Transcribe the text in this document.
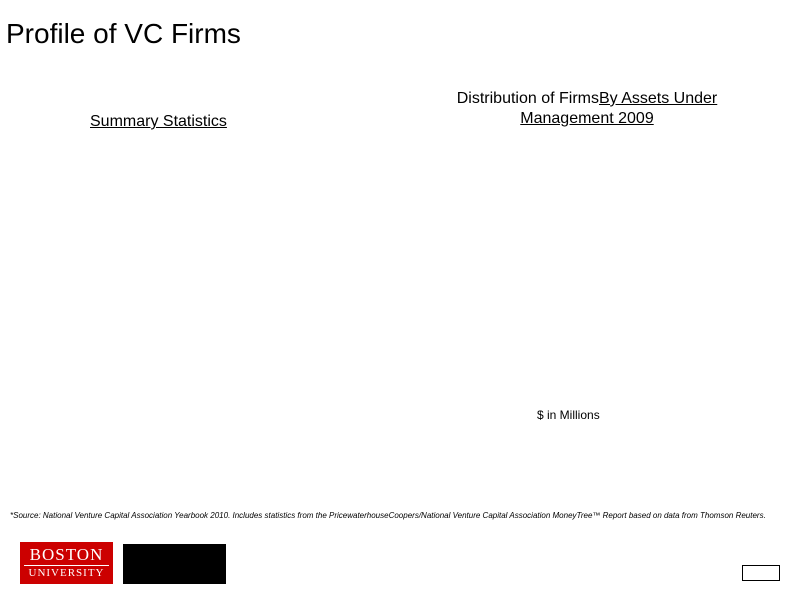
Profile of VC Firms
Summary Statistics
Distribution of FirmsBy Assets Under
Management 2009
$ in Millions
*Source: National Venture Capital Association Yearbook 2010. Includes statistics from the PricewaterhouseCoopers/National Venture Capital Association MoneyTree™ Report based on data from Thomson Reuters.
BOSTON
UNIVERSITY
